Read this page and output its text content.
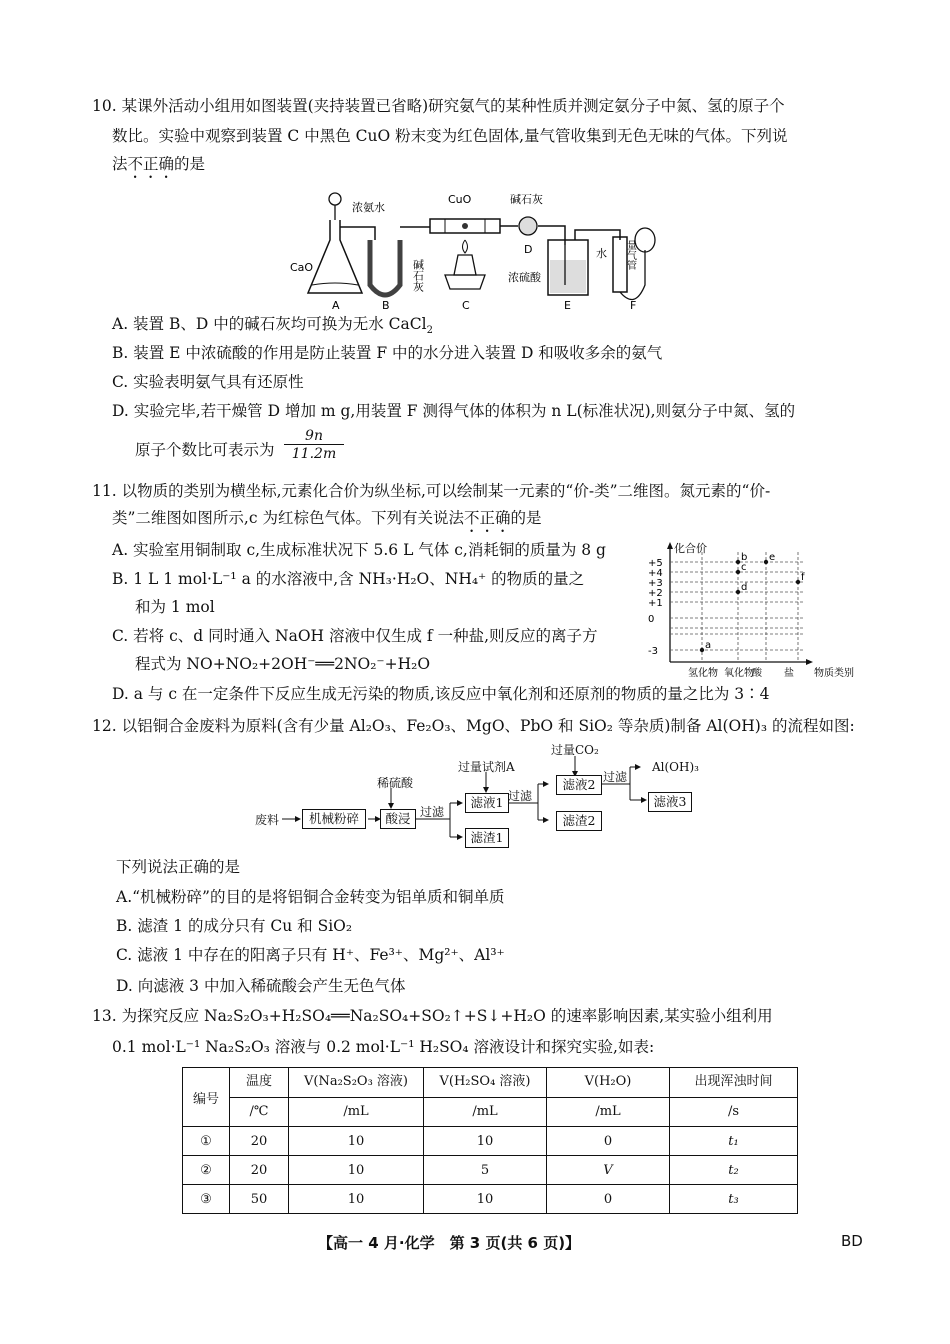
10. 某课外活动小组用如图装置(夹持装置已省略)研究氨气的某种性质并测定氨分子中氮、氢的原子个
数比。实验中观察到装置 C 中黑色 CuO 粉末变为红色固体,量气管收集到无色无味的气体。下列说
法不正确的是
浓氨水
CaO
CuO	碱石灰
碱石灰	浓硫酸
水 量气管
A	B	C
D
E	F
A. 装置 B、D 中的碱石灰均可换为无水 CaCl$_2$
B. 装置 E 中浓硫酸的作用是防止装置 F 中的水分进入装置 D 和吸收多余的氨气
C. 实验表明氨气具有还原性
D. 实验完毕,若干燥管 D 增加 m g,用装置 F 测得气体的体积为 n L(标准状况),则氨分子中氮、氢的
原子个数比可表示为 $\frac{9n}{11.2m}$
11. 以物质的类别为横坐标,元素化合价为纵坐标,可以绘制某一元素的“价-类”二维图。氮元素的“价-
类”二维图如图所示,c 为红棕色气体。下列有关说法不正确的是
A. 实验室用铜制取 c,生成标准状况下 5.6 L 气体 c,消耗铜的质量为 8 g
B. 1 L 1 mol·L⁻¹ a 的水溶液中,含 NH₃·H₂O、NH₄⁺ 的物质的量之
和为 1 mol
C. 若将 c、d 同时通入 NaOH 溶液中仅生成 f 一种盐,则反应的离子方
程式为 NO+NO₂+2OH⁻══2NO₂⁻+H₂O
D. a 与 c 在一定条件下反应生成无污染的物质,该反应中氧化剂和还原剂的物质的量之比为 3∶4
化合价
物质类别
+5
+4
+3
+2
+1
0
-3
氢化物 氧化物
酸 盐
a
b
c
d
e
f
12. 以铝铜合金废料为原料(含有少量 Al₂O₃、Fe₂O₃、MgO、PbO 和 SiO₂ 等杂质)制备 Al(OH)₃ 的流程如图:
废料	机械粉碎
稀硫酸
酸浸 过滤
滤液1
滤渣1
过量试剂A
过滤
滤液2
滤渣2
过量CO₂
过滤
Al(OH)₃
滤液3
下列说法正确的是
A.“机械粉碎”的目的是将铝铜合金转变为铝单质和铜单质
B. 滤渣 1 的成分只有 Cu 和 SiO₂
C. 滤液 1 中存在的阳离子只有 H⁺、Fe³⁺、Mg²⁺、Al³⁺
D. 向滤液 3 中加入稀硫酸会产生无色气体
13. 为探究反应 Na₂S₂O₃+H₂SO₄══Na₂SO₄+SO₂↑+S↓+H₂O 的速率影响因素,某实验小组利用
0.1 mol·L⁻¹ Na₂S₂O₃ 溶液与 0.2 mol·L⁻¹ H₂SO₄ 溶液设计和探究实验,如表:
编号	温度	V(Na₂S₂O₃ 溶液)	V(H₂SO₄ 溶液)	V(H₂O)	出现浑浊时间
	/℃	/mL	/mL	/mL	/s
①	20	10	10	0	t₁
②	20	10	5	V	t₂
③	50	10	10	0	t₃
【高一 4 月·化学　第 3 页(共 6 页)】	BD
